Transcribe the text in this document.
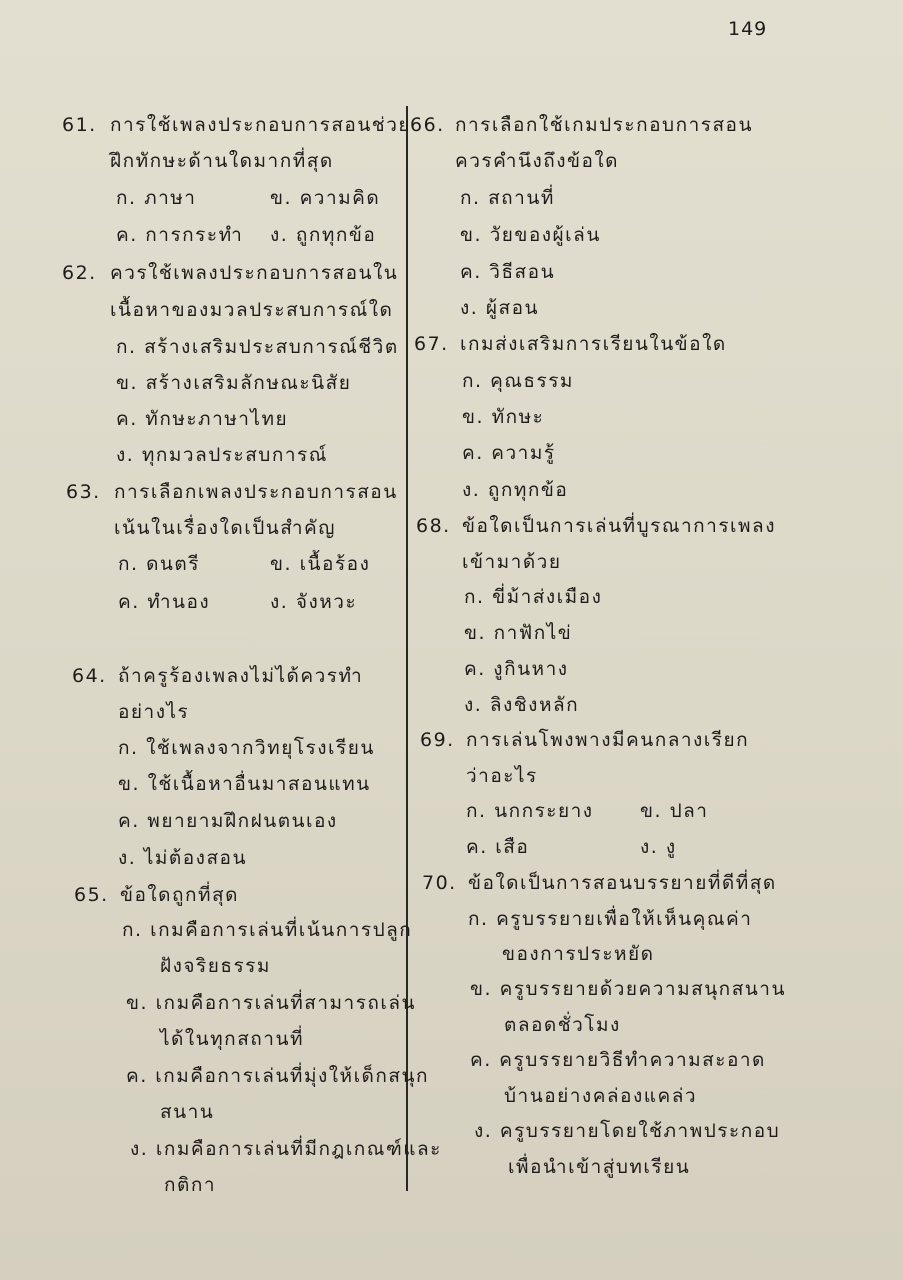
149
61. การใช้เพลงประกอบการสอนช่วย
ฝึกทักษะด้านใดมากที่สุด
ก. ภาษา	ข. ความคิด
ค. การกระทำ ง. ถูกทุกข้อ
62. ควรใช้เพลงประกอบการสอนใน
เนื้อหาของมวลประสบการณ์ใด
ก. สร้างเสริมประสบการณ์ชีวิต
ข. สร้างเสริมลักษณะนิสัย
ค. ทักษะภาษาไทย
ง. ทุกมวลประสบการณ์
63. การเลือกเพลงประกอบการสอน
เน้นในเรื่องใดเป็นสำคัญ
ก. ดนตรี	ข. เนื้อร้อง
ค. ทำนอง	ง. จังหวะ
64. ถ้าครูร้องเพลงไม่ได้ควรทำ
อย่างไร
ก. ใช้เพลงจากวิทยุโรงเรียน
ข. ใช้เนื้อหาอื่นมาสอนแทน
ค. พยายามฝึกฝนตนเอง
ง. ไม่ต้องสอน
65. ข้อใดถูกที่สุด
ก. เกมคือการเล่นที่เน้นการปลูก
ฝังจริยธรรม
ข. เกมคือการเล่นที่สามารถเล่น
ได้ในทุกสถานที่
ค. เกมคือการเล่นที่มุ่งให้เด็กสนุก
สนาน
ง. เกมคือการเล่นที่มีกฎเกณฑ์และ
กติกา
66. การเลือกใช้เกมประกอบการสอน
ควรคำนึงถึงข้อใด
ก. สถานที่
ข. วัยของผู้เล่น
ค. วิธีสอน
ง. ผู้สอน
67. เกมส่งเสริมการเรียนในข้อใด
ก. คุณธรรม
ข. ทักษะ
ค. ความรู้
ง. ถูกทุกข้อ
68. ข้อใดเป็นการเล่นที่บูรณาการเพลง
เข้ามาด้วย
ก. ขี่ม้าส่งเมือง
ข. กาฟักไข่
ค. งูกินหาง
ง. ลิงชิงหลัก
69. การเล่นโพงพางมีคนกลางเรียก
ว่าอะไร
ก. นกกระยาง ข. ปลา
ค. เสือ	ง. งู
70. ข้อใดเป็นการสอนบรรยายที่ดีที่สุด
ก. ครูบรรยายเพื่อให้เห็นคุณค่า
ของการประหยัด
ข. ครูบรรยายด้วยความสนุกสนาน
ตลอดชั่วโมง
ค. ครูบรรยายวิธีทำความสะอาด
บ้านอย่างคล่องแคล่ว
ง. ครูบรรยายโดยใช้ภาพประกอบ
เพื่อนำเข้าสู่บทเรียน
